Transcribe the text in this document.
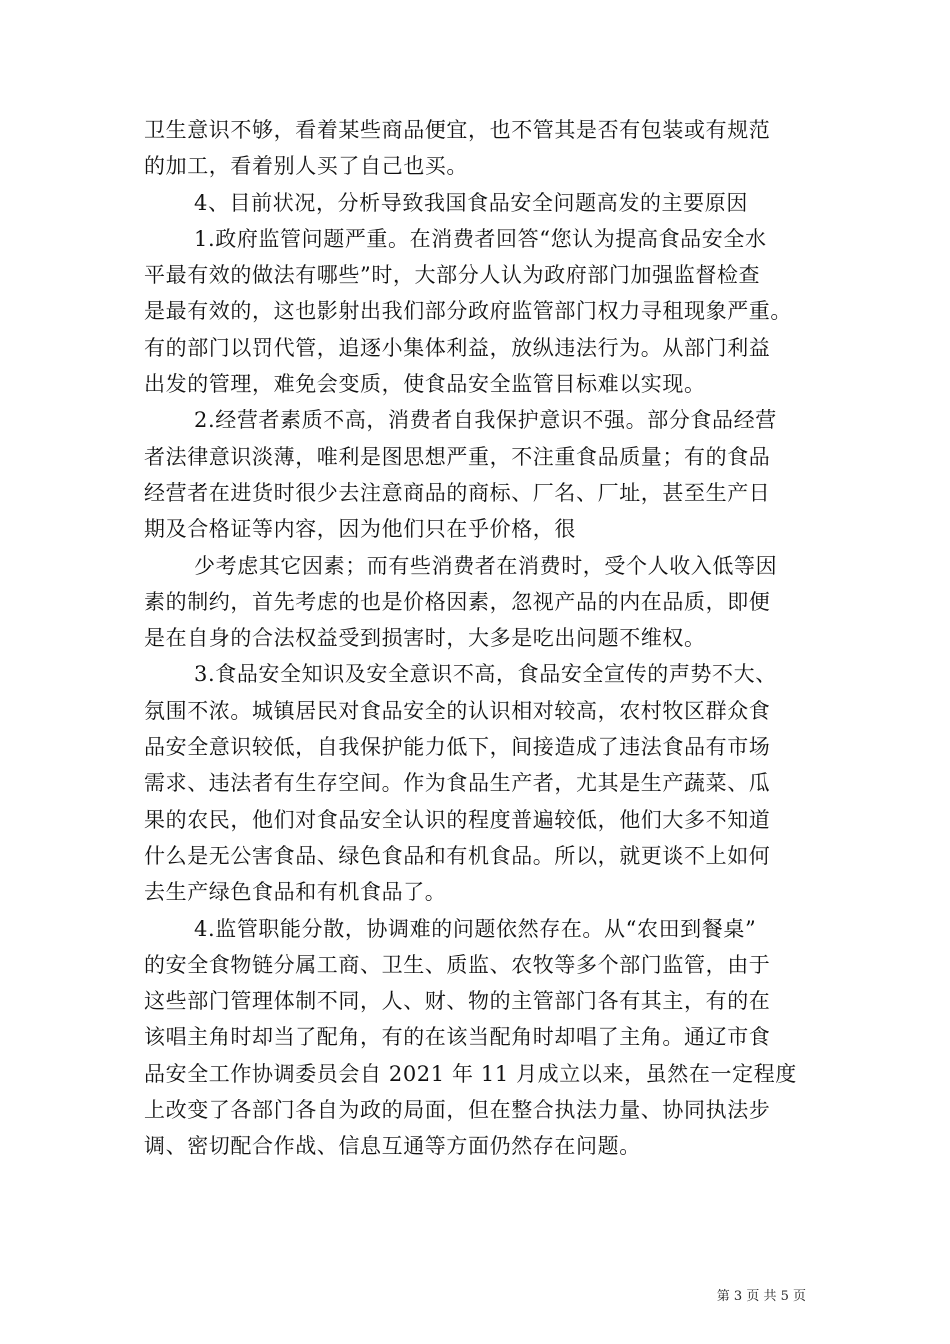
卫生意识不够，看着某些商品便宜，也不管其是否有包装或有规范
的加工，看着别人买了自己也买。
4、目前状况，分析导致我国食品安全问题高发的主要原因
1.政府监管问题严重。在消费者回答“您认为提高食品安全水
平最有效的做法有哪些”时，大部分人认为政府部门加强监督检查
是最有效的，这也影射出我们部分政府监管部门权力寻租现象严重。
有的部门以罚代管，追逐小集体利益，放纵违法行为。从部门利益
出发的管理，难免会变质，使食品安全监管目标难以实现。
2.经营者素质不高，消费者自我保护意识不强。部分食品经营
者法律意识淡薄，唯利是图思想严重，不注重食品质量；有的食品
经营者在进货时很少去注意商品的商标、厂名、厂址，甚至生产日
期及合格证等内容，因为他们只在乎价格，很
少考虑其它因素；而有些消费者在消费时，受个人收入低等因
素的制约，首先考虑的也是价格因素，忽视产品的内在品质，即便
是在自身的合法权益受到损害时，大多是吃出问题不维权。
3.食品安全知识及安全意识不高，食品安全宣传的声势不大、
氛围不浓。城镇居民对食品安全的认识相对较高，农村牧区群众食
品安全意识较低，自我保护能力低下，间接造成了违法食品有市场
需求、违法者有生存空间。作为食品生产者，尤其是生产蔬菜、瓜
果的农民，他们对食品安全认识的程度普遍较低，他们大多不知道
什么是无公害食品、绿色食品和有机食品。所以，就更谈不上如何
去生产绿色食品和有机食品了。
4.监管职能分散，协调难的问题依然存在。从“农田到餐桌”
的安全食物链分属工商、卫生、质监、农牧等多个部门监管，由于
这些部门管理体制不同，人、财、物的主管部门各有其主，有的在
该唱主角时却当了配角，有的在该当配角时却唱了主角。通辽市食
品安全工作协调委员会自 2021 年 11 月成立以来，虽然在一定程度
上改变了各部门各自为政的局面，但在整合执法力量、协同执法步
调、密切配合作战、信息互通等方面仍然存在问题。
第 3 页 共 5 页
